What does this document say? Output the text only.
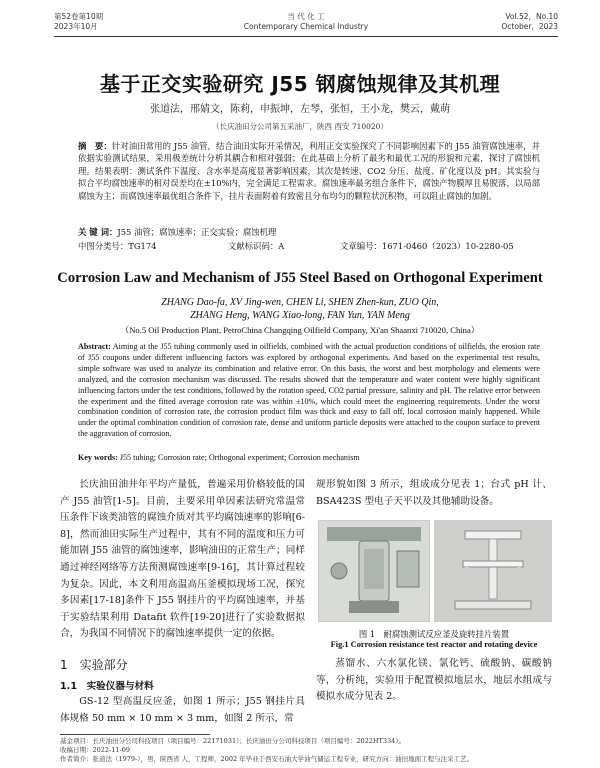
第52卷第10期
2023年10月
当 代 化 工
Contemporary Chemical Industry
Vol.52，No.10
October，2023
基于正交实验研究 J55 钢腐蚀规律及其机理
张道法，邢婧文，陈莉，申振坤，左琴，张恒，王小龙，樊云，戴萌
（长庆油田分公司第五采油厂，陕西 西安 710020）
摘　要：针对油田常用的 J55 油管，结合油田实际开采情况，利用正交实验探究了不同影响因素下的 J55 油管腐蚀速率，并依据实验测试结果，采用极差统计分析其耦合和相对强弱；在此基础上分析了最劣和最优工况的形貌和元素，探讨了腐蚀机理。结果表明：测试条件下温度、含水率是高度显著影响因素，其次是转速、CO2 分压、盐度、矿化度以及 pH。其实验与拟合平均腐蚀速率的相对误差均在±10%内，完全满足工程需求。腐蚀速率最劣组合条件下，腐蚀产物膜厚且易脱落，以局部腐蚀为主；而腐蚀速率最优组合条件下，挂片表面附着有致密且分布均匀的颗粒状沉积物，可以阻止腐蚀的加剧。
关 键 词：J55 油管；腐蚀速率；正交实验；腐蚀机理
中图分类号：TG174	文献标识码：A	文章编号：1671-0460（2023）10-2280-05
Corrosion Law and Mechanism of J55 Steel Based on Orthogonal Experiment
ZHANG Dao-fa, XV Jing-wen, CHEN Li, SHEN Zhen-kun, ZUO Qin,
ZHANG Heng, WANG Xiao-long, FAN Yun, YAN Meng
（No.5 Oil Production Plant, PetroChina Changqing Oilfield Company, Xi'an Shaanxi 710020, China）
Abstract: Aiming at the J55 tubing commonly used in oilfields, combined with the actual production conditions of oilfields, the erosion rate of J55 coupons under different influencing factors was explored by orthogonal experiments. And based on the experimental test results, simple software was used to analyze its combination and relative error. On this basis, the worst and best morphology and elements were analyzed, and the corrosion mechanism was discussed. The results showed that the temperature and water content were highly significant influencing factors under the test conditions, followed by the rotation speed, CO2 partial pressure, salinity and pH. The relative error between the experiment and the fitted average corrosion rate was within ±10%, which could meet the engineering requirements. Under the worst combination condition of corrosion rate, the corrosion product film was thick and easy to fall off, local corrosion mainly happened. While under the optimal combination condition of corrosion rate, dense and uniform particle deposits were attached to the coupon surface to prevent the aggravation of corrosion.
Key words: J55 tubing; Corrosion rate; Orthogonal experiment; Corrosion mechanism
长庆油田油井年平均产量低，普遍采用价格较低的国产 J55 油管[1-5]。目前，主要采用单因素法研究常温常压条件下该类油管的腐蚀介质对其平均腐蚀速率的影响[6-8]，然而油田实际生产过程中，其有不同的温度和压力可能加剧 J55 油管的腐蚀速率，影响油田的正常生产；同样通过神经网络等方法预测腐蚀速率[9-16]，其计算过程较为复杂。因此，本文利用高温高压釜模拟现场工况，探究多因素[17-18]条件下 J55 钢挂片的平均腐蚀速率，并基于实验结果利用 Datafit 软件[19-20]进行了实验数据拟合，为我国不同情况下的腐蚀速率提供一定的依据。
规形貌如图 3 所示，组成成分见表 1；台式 pH 计、BSA423S 型电子天平以及其他辅助设备。
图 1　耐腐蚀测试反应釜及旋转挂片装置
Fig.1 Corrosion resistance test reactor and rotating device
1　实验部分
1.1　实验仪器与材料
GS-12 型高温反应釜，如图 1 所示；J55 钢挂片具体规格 50 mm × 10 mm × 3 mm，如图 2 所示，常
蒸馏水、六水氯化镁、氯化钙、硫酸钠、碳酸钠等，分析纯，实验用于配置模拟地层水，地层水组成与模拟水成分见表 2。
基金项目：长庆油田分公司科技项目（项目编号：22171031）；长庆油田分公司科技项目（项目编号：2022HT334）。
收稿日期：2022-11-09
作者简介：张道法（1979-），男，陕西省 人，工程师，2002 年毕业于西安石油大学油气储运工程专业，研究方向：油田地面工程与注采工艺。
